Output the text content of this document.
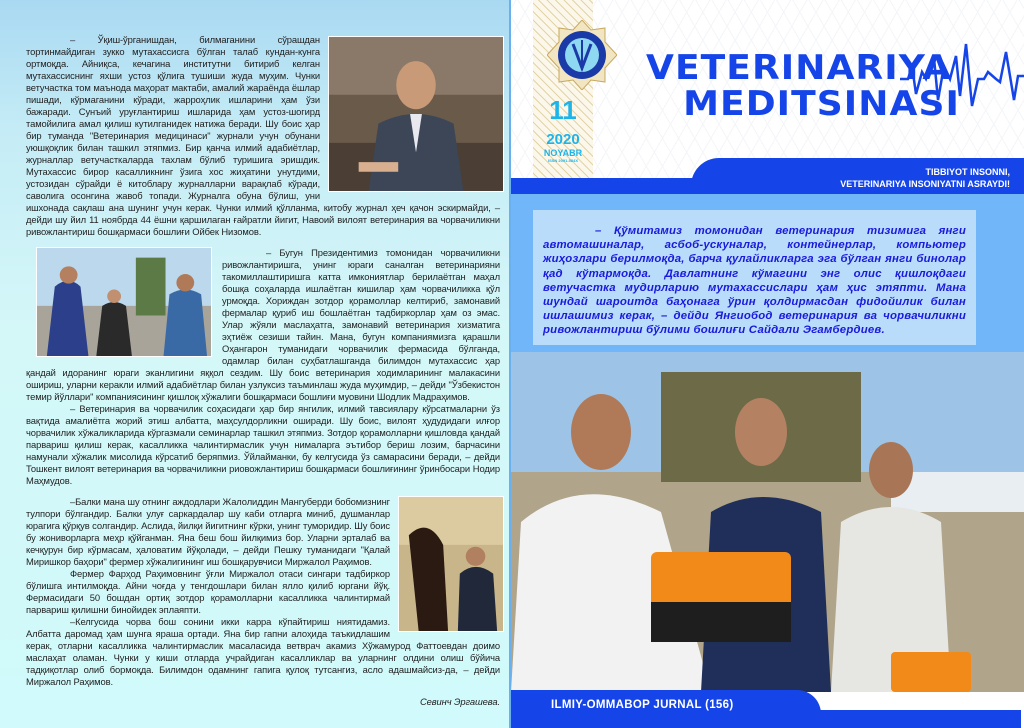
– Ўқиш-ўрганишдан, билмаганини сўрашдан тортинмайдиган зукко мутахассисга бўлган талаб кундан-кунга ортмоқда. Айниқса, кечагина институтни битириб келган мутахассиснинг яхши устоз қўлига тушиши жуда муҳим. Чунки ветучастка том маънода маҳорат мактаби, амалий жараёнда ёшлар пишади, кўрмаганини кўради, жарроҳлик ишларини ҳам ўзи бажаради. Сунъий уруғлантириш ишларида ҳам устоз-шогирд тамойилига амал қилиш кутилганидек натижа беради. Шу боис ҳар бир туманда "Ветеринария медицинаси" журнали учун обунани уюшқоқлик билан ташкил этяпмиз. Бир қанча илмий адабиётлар, журналлар ветучасткаларда тахлам бўлиб туришига эришдик. Мутахассис бирор касалликнинг ўзига хос жиҳатини унутдими, устозидан сўрайди ё китоблару журналларни варақлаб кўради, саволига осонгина жавоб топади. Журналга обуна бўлиш, уни ишхонада сақлаш ана шунинг учун керак. Чунки илмий қўлланма, китобу журнал ҳеч қачон эскирмайди, – дейди шу йил 11 ноябрда 44 ёшни қаршилаган ғайратли йигит, Навоий вилоят ветеринария ва чорвачиликни ривожлантириш бошқармаси бошлиғи Ойбек Низомов.

– Бугун Президентимиз томонидан чорвачиликни ривожлантиришга, унинг юраги саналган ветеринарияни такомиллаштиришга катта имкониятлар берилаётган маҳал бошқа соҳаларда ишлаётган кишилар ҳам чорвачиликка қўл урмоқда. Хориждан зотдор қорамоллар келтириб, замонавий фермалар қуриб иш бошлаётган тадбиркорлар ҳам оз эмас. Улар жўяли маслаҳатга, замонавий ветеринария хизматига эҳтиёж сезиши тайин. Мана, бугун компаниямизга қарашли Оҳангарон туманидаги чорвачилик фермасида бўлганда, одамлар билан суҳбатлашганда билимдон мутахассис ҳар қандай идоранинг юраги эканлигини яққол сездим. Шу боис ветеринария ходимларининг малакасини ошириш, уларни керакли илмий адабиётлар билан узлуксиз таъминлаш жуда муҳимдир, – дейди "Ўзбекистон темир йўллари" компаниясининг қишлоқ хўжалиги бошқармаси бошлиғи муовини Шодлик Мадраҳимов.

– Ветеринария ва чорвачилик соҳасидаги ҳар бир янгилик, илмий тавсиялару кўрсатмаларни ўз вақтида амалиётга жорий этиш албатта, маҳсулдорликни оширади. Шу боис, вилоят ҳудудидаги илғор чорвачилик хўжаликларида кўргазмали семинарлар ташкил этяпмиз. Зотдор қорамолларни қишловда қандай парвариш қилиш керак, касалликка чалинтирмаслик учун нималарга эътибор бериш лозим, барчасини намунали хўжалик мисолида кўрсатиб беряпмиз. Ўйлайманки, бу келгусида ўз самарасини беради, – дейди Тошкент вилоят ветеринария ва чорвачиликни риовожлантириш бошқармаси бошлиғининг ўринбосари Нодир Маҳмудов.

–Балки мана шу отнинг аждодлари Жалолиддин Мангуберди бобомизнинг тулпори бўлгандир. Балки улуғ саркардалар шу каби отларга миниб, душманлар юрагига қўрқув солгандир. Аслида, йилқи йигитнинг кўрки, унинг туморидир. Шу боис бу жониворларга меҳр қўйганман. Яна беш бош йилқимиз бор. Уларни эрталаб ва кечқурун бир кўрмасам, ҳаловатим йўқолади, – дейди Пешку туманидаги "Қалай Миришкор баҳори" фермер хўжалигининг иш бошқарувчиси Миржалол Раҳимов.

Фермер Фарҳод Раҳимовнинг ўғли Миржалол отаси сингари тадбиркор бўлишга интилмоқда. Айни чоғда у тенгдошлари билан ялло қилиб юргани йўқ. Фермасидаги 50 бошдан ортиқ зотдор қорамолларни касалликка чалинтирмай парвариш қилишни бинойидек эплаяпти.

–Келгусида чорва бош сонини икки карра кўпайтириш ниятидамиз. Албатта даромад ҳам шунга яраша ортади. Яна бир гапни алоҳида таъкидлашим керак, отларни касалликка чалинтирмаслик масаласида ветврач акамиз Хўжамурод Фаттоевдан доимо маслаҳат оламан. Чунки у киши отларда учрайдиган касалликлар ва уларнинг олдини олиш бўйича тадқиқотлар олиб бормоқда. Билимдон одамнинг гапига қулоқ тутсангиз, асло адашмайсиз-да, – дейди Миржалол Раҳимов.

Севинч Эргашева.

11
2020
NOYABR
ISSN 2091-584X
VETERINARIYA
MEDITSINASI
TIBBIYOT INSONNI,
VETERINARIYA INSONIYATNI ASRAYDI!

– Қўмитамиз томонидан ветеринария тизимига янги автомашиналар, асбоб-ускуналар, контейнерлар, компьютер жиҳозлари берилмоқда, барча қулайликларга эга бўлган янги бинолар қад кўтармоқда. Давлатнинг кўмагини энг олис қишлоқдаги ветучастка мудирларию мутахассислари ҳам ҳис этяпти. Мана шундай шароитда баҳонага ўрин қолдирмасдан фидойилик билан ишлашимиз керак, – дейди Янгиобод ветеринария ва чорвачиликни ривожлантириш бўлими бошлиғи Сайдали Эгамбердиев.

ILMIY-OMMABOP JURNAL (156)
